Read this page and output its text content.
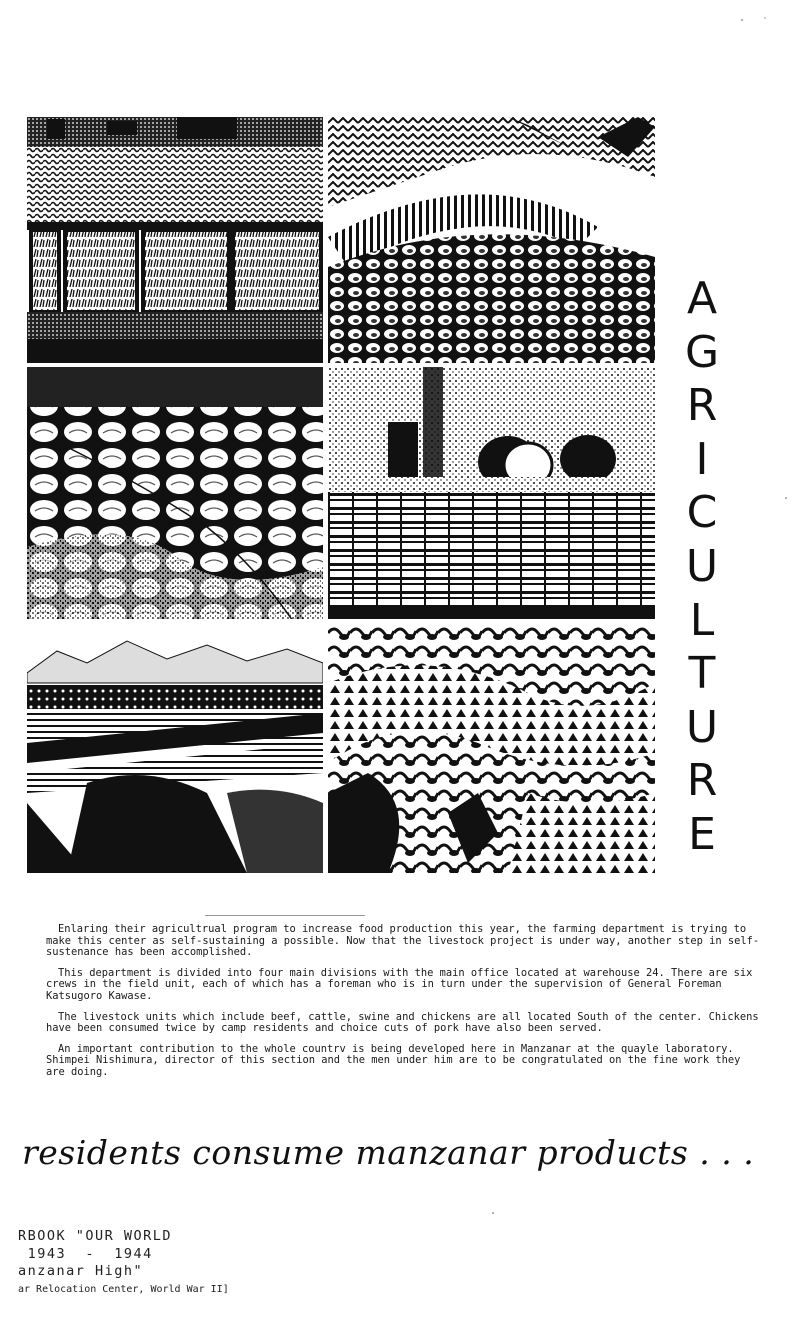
A
G
R
I
C
U
L
T
U
R
E

Enlaring their agricultrual program to increase food production this year, the farming department is trying to make this center as self-sustaining a possible. Now that the livestock project is under way, another step in self-sustenance has been accomplished.

This department is divided into four main divisions with the main office located at warehouse 24. There are six crews in the field unit, each of which has a foreman who is in turn under the supervision of General Foreman Katsugoro Kawase.

The livestock units which include beef, cattle, swine and chickens are all located South of the center. Chickens have been consumed twice by camp residents and choice cuts of pork have also been served.

An important contribution to the whole countrv is being developed here in Manzanar at the quayle laboratory. Shimpei Nishimura, director of this section and the men under him are to be congratulated on the fine work they are doing.

residents consume manzanar products . . .
RBOOK "OUR WORLD
1943  -  1944
anzanar High"
ar Relocation Center, World War II]
